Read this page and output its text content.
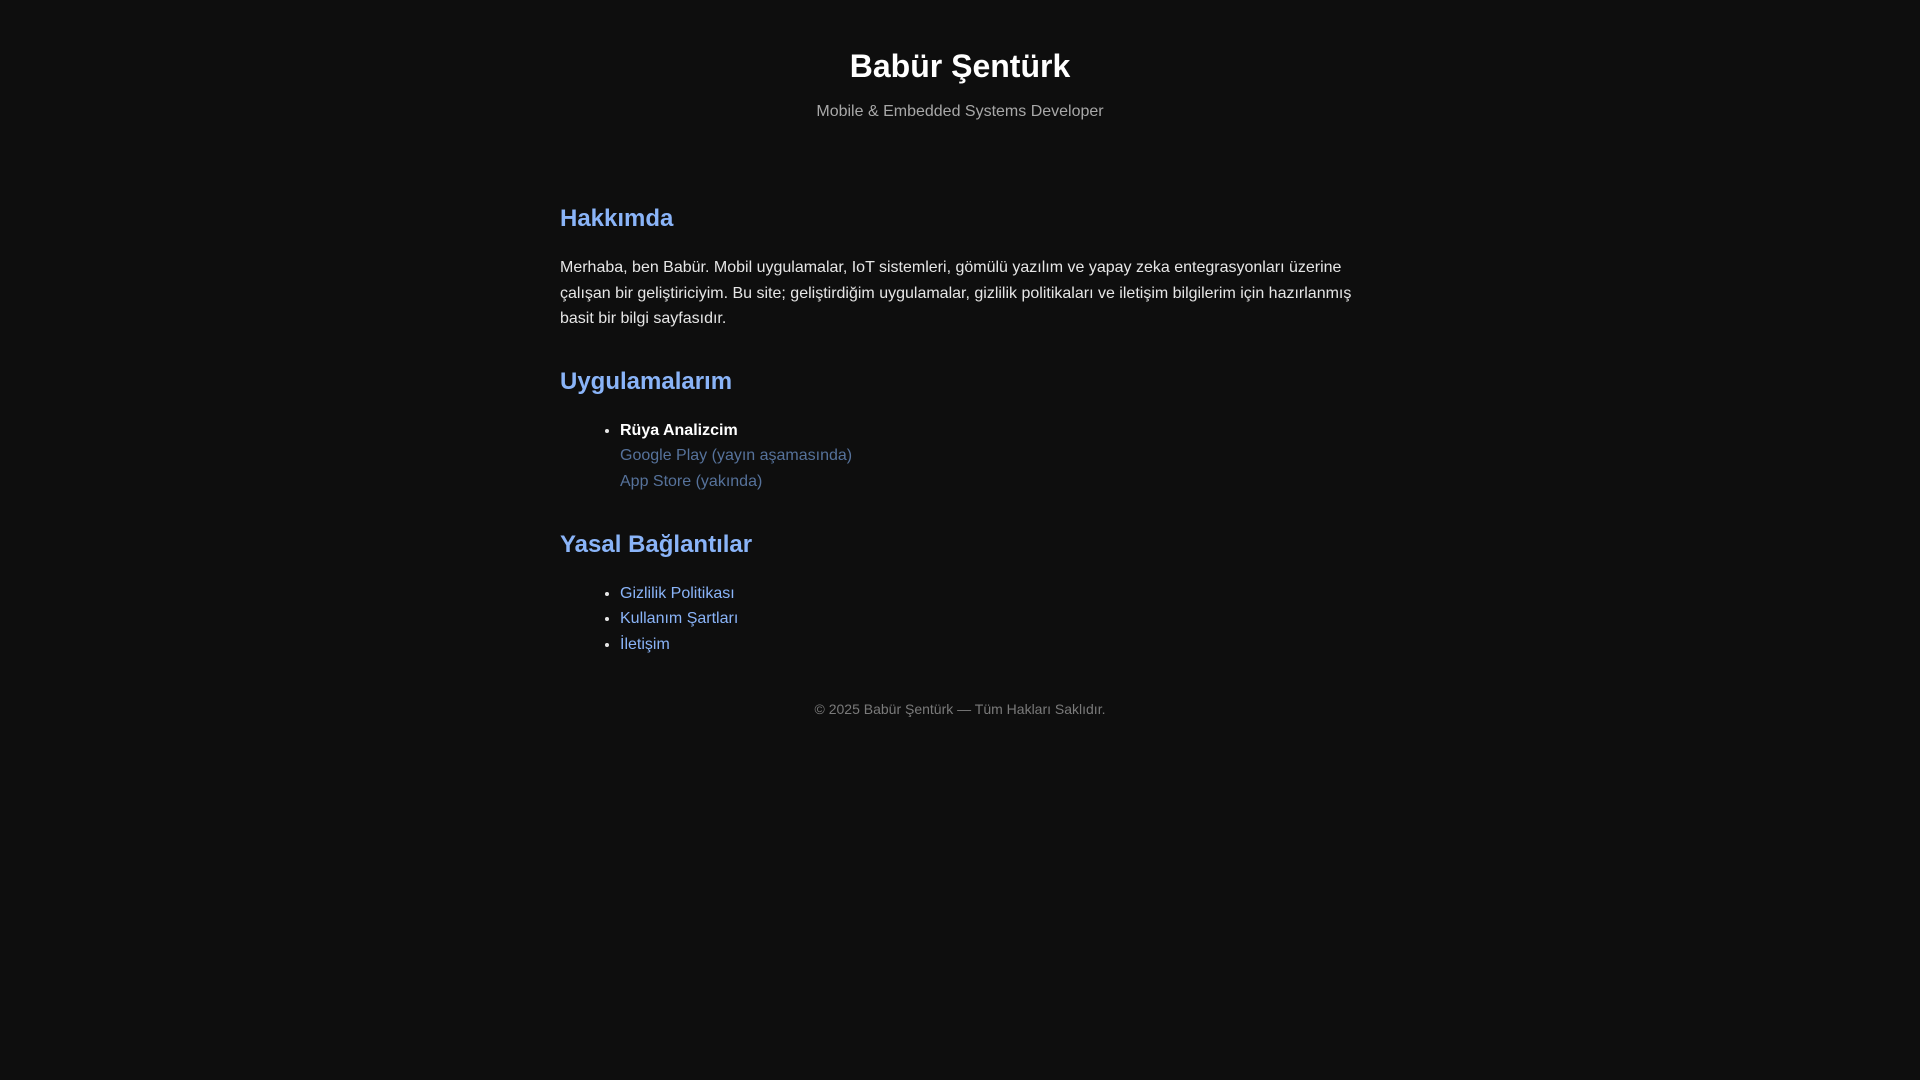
Babür Şentürk

Mobile & Embedded Systems Developer

Hakkımda

Merhaba, ben Babür. Mobil uygulamalar, IoT sistemleri, gömülü yazılım ve yapay zeka entegrasyonları üzerine çalışan bir geliştiriciyim. Bu site; geliştirdiğim uygulamalar, gizlilik politikaları ve iletişim bilgilerim için hazırlanmış basit bir bilgi sayfasıdır.

Uygulamalarım
• Rüya Analizcim
Google Play (yayın aşamasında)
App Store (yakında)
Yasal Bağlantılar
• Gizlilik Politikası
• Kullanım Şartları
• İletişim
© 2025 Babür Şentürk — Tüm Hakları Saklıdır.
